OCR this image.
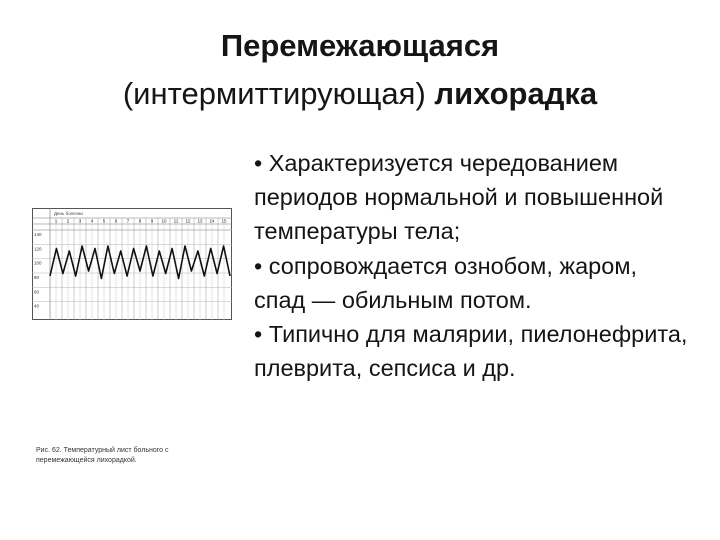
Перемежающаяся
(интермиттирующая) лихорадка
День болезни
1 2 3 4 5 6 7 8 9 10 11 12 13 14 15
140
120
100
80
60
40
Рис. 62. Температурный лист больного с перемежающейся лихорадкой.

• Характеризуется чередованием периодов нормальной и повышенной температуры тела;

• сопровождается ознобом, жаром, спад — обильным потом.

• Типично для малярии, пиелонефрита, плеврита, сепсиса и др.
